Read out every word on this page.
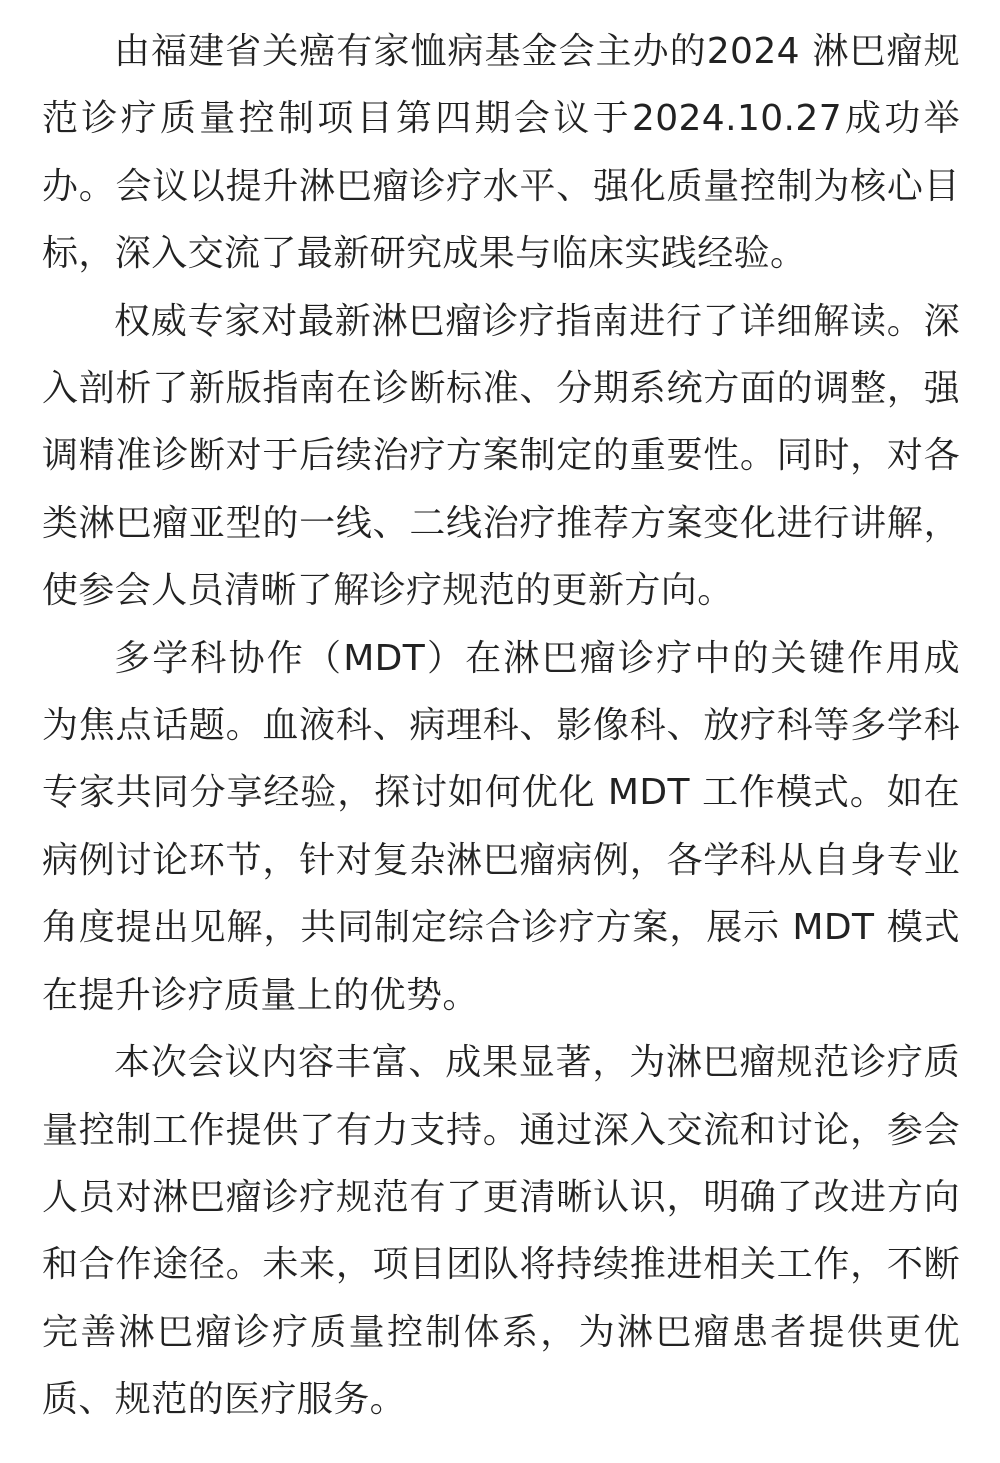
由福建省关癌有家恤病基金会主办的2024 淋巴瘤规范诊疗质量控制项目第四期会议于2024.10.27成功举办。会议以提升淋巴瘤诊疗水平、强化质量控制为核心目标，深入交流了最新研究成果与临床实践经验。

权威专家对最新淋巴瘤诊疗指南进行了详细解读。深入剖析了新版指南在诊断标准、分期系统方面的调整，强调精准诊断对于后续治疗方案制定的重要性。同时，对各类淋巴瘤亚型的一线、二线治疗推荐方案变化进行讲解，使参会人员清晰了解诊疗规范的更新方向。

多学科协作（MDT）在淋巴瘤诊疗中的关键作用成为焦点话题。血液科、病理科、影像科、放疗科等多学科专家共同分享经验，探讨如何优化 MDT 工作模式。如在病例讨论环节，针对复杂淋巴瘤病例，各学科从自身专业角度提出见解，共同制定综合诊疗方案，展示 MDT 模式在提升诊疗质量上的优势。

本次会议内容丰富、成果显著，为淋巴瘤规范诊疗质量控制工作提供了有力支持。通过深入交流和讨论，参会人员对淋巴瘤诊疗规范有了更清晰认识，明确了改进方向和合作途径。未来，项目团队将持续推进相关工作，不断完善淋巴瘤诊疗质量控制体系，为淋巴瘤患者提供更优质、规范的医疗服务。
